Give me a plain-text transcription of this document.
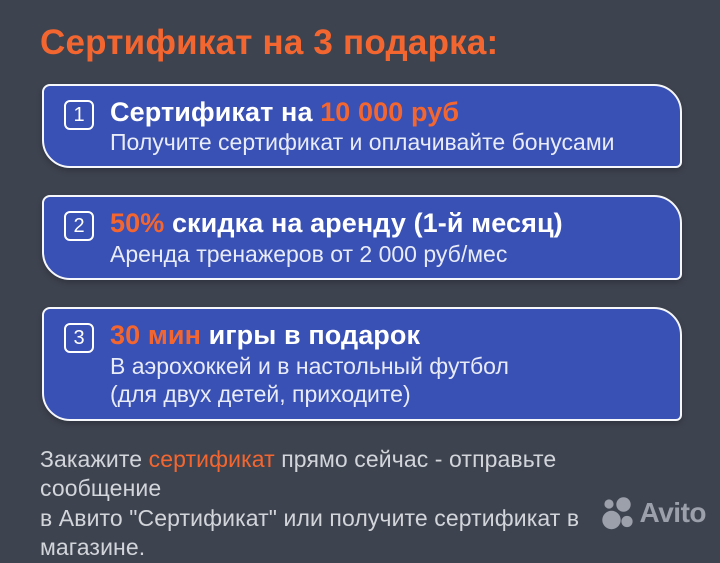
Сертификат на 3 подарка:
1 Сертификат на 10 000 руб
Получите сертификат и оплачивайте бонусами
2 50% скидка на аренду (1-й месяц)
Аренда тренажеров от 2 000 руб/мес
3 30 мин игры в подарок
В аэрохоккей и в настольный футбол
(для двух детей, приходите)

Закажите сертификат прямо сейчас - отправьте сообщение
в Авито "Сертификат" или получите сертификат в магазине.

Avito
